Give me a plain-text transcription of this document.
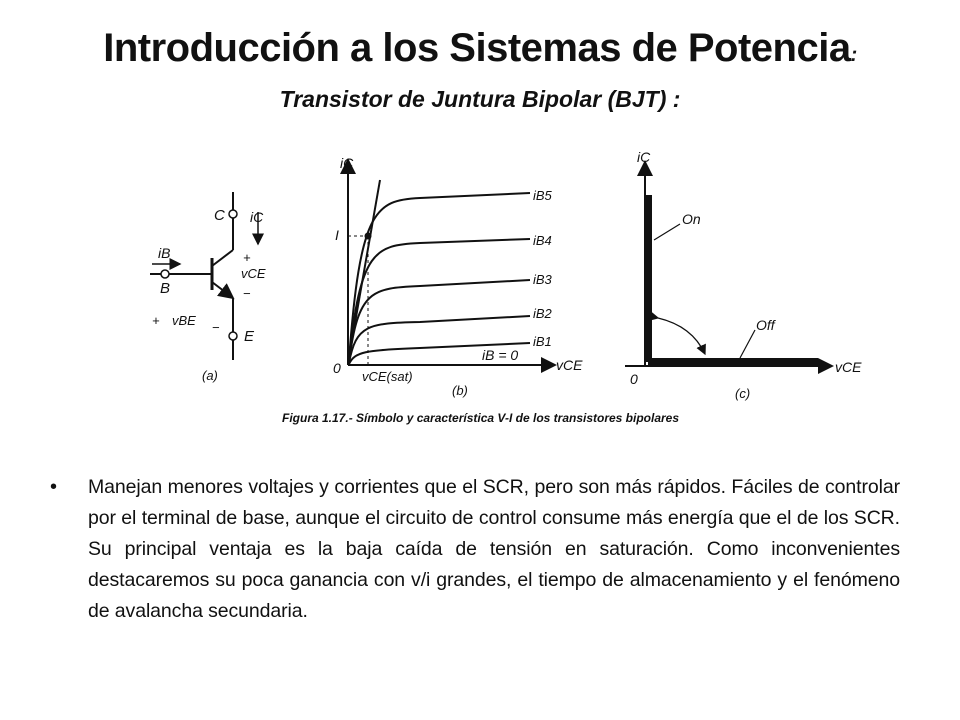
Introducción a los Sistemas de Potencia:
Transistor de Juntura Bipolar (BJT) :
C iC
iB
B
+
vCE
−
+ vBE −
E
(a)
iC
vCE
0
I
iB5
iB4
iB3
iB2
iB1
iB = 0
vCE(sat)
(b)
iC
vCE
0
On
Off
(c)
Figura 1.17.- Símbolo y característica V-I de los transistores bipolares
• Manejan menores voltajes y corrientes que el SCR, pero son más rápidos. Fáciles de controlar por el terminal de base, aunque el circuito de control consume más energía que el de los SCR. Su principal ventaja es la baja caída de tensión en saturación. Como inconvenientes destacaremos su poca ganancia con v/i grandes, el tiempo de almacenamiento y el fenómeno de avalancha secundaria.
